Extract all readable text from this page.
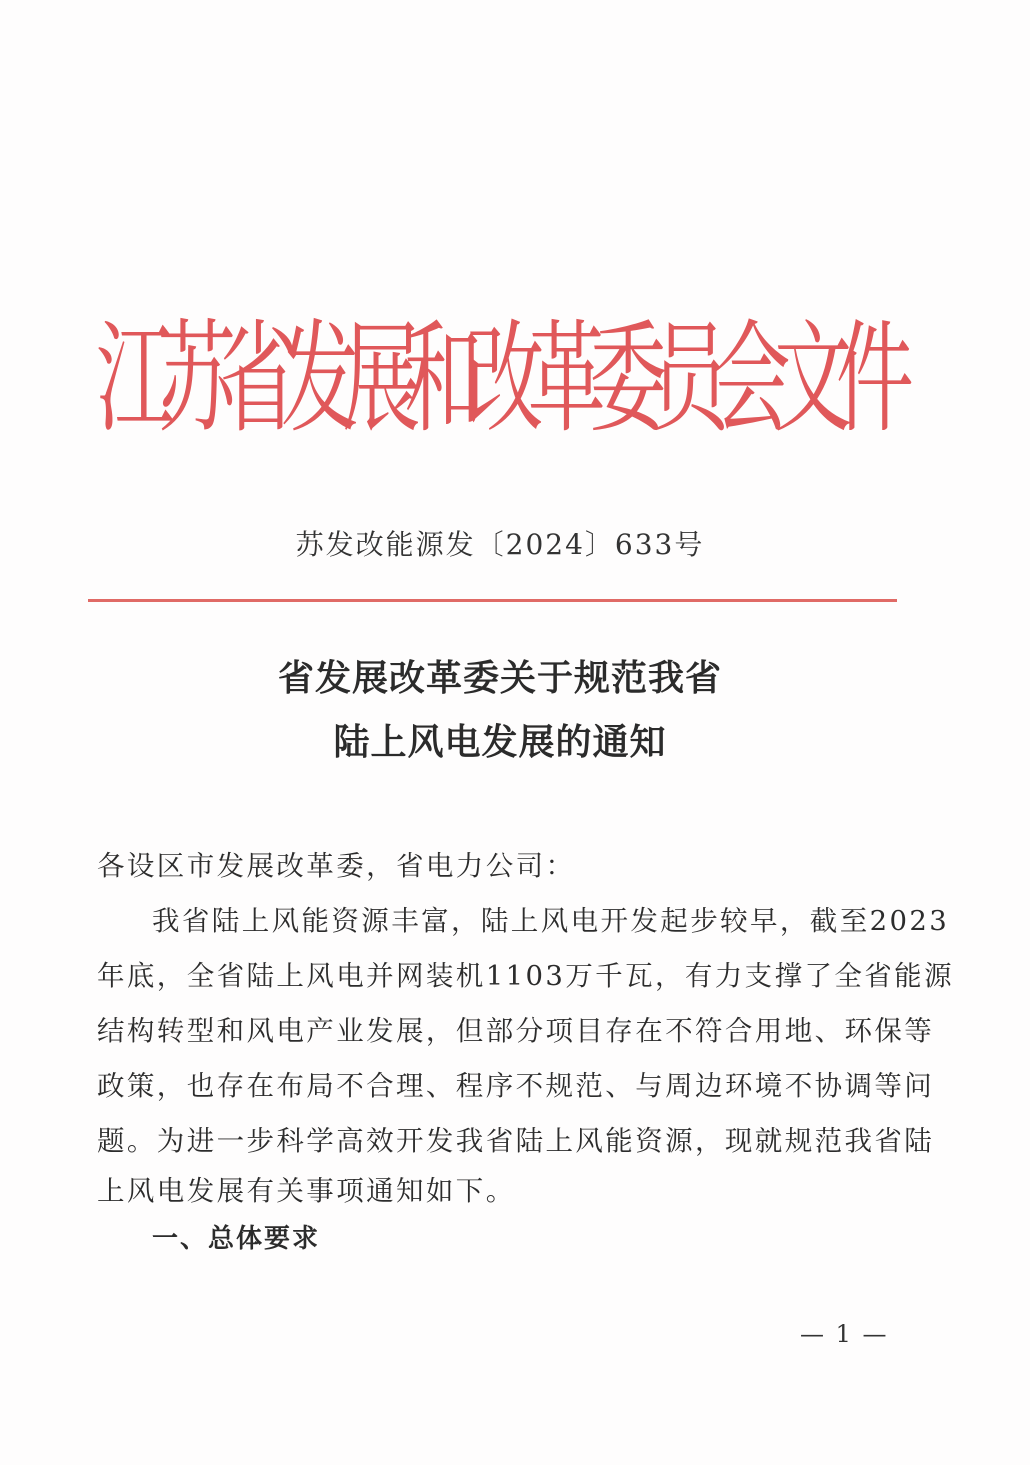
江
苏
省
发
展
和
改
革
委
员
会
文
件
苏发改能源发〔2024〕633号
省发展改革委关于规范我省
陆上风电发展的通知
各设区市发展改革委，省电力公司：
我省陆上风能资源丰富，陆上风电开发起步较早，截至2023
年底，全省陆上风电并网装机1103万千瓦，有力支撑了全省能源
结构转型和风电产业发展，但部分项目存在不符合用地、环保等
政策，也存在布局不合理、程序不规范、与周边环境不协调等问
题。为进一步科学高效开发我省陆上风能资源，现就规范我省陆
上风电发展有关事项通知如下。
一、总体要求
— 1 —
